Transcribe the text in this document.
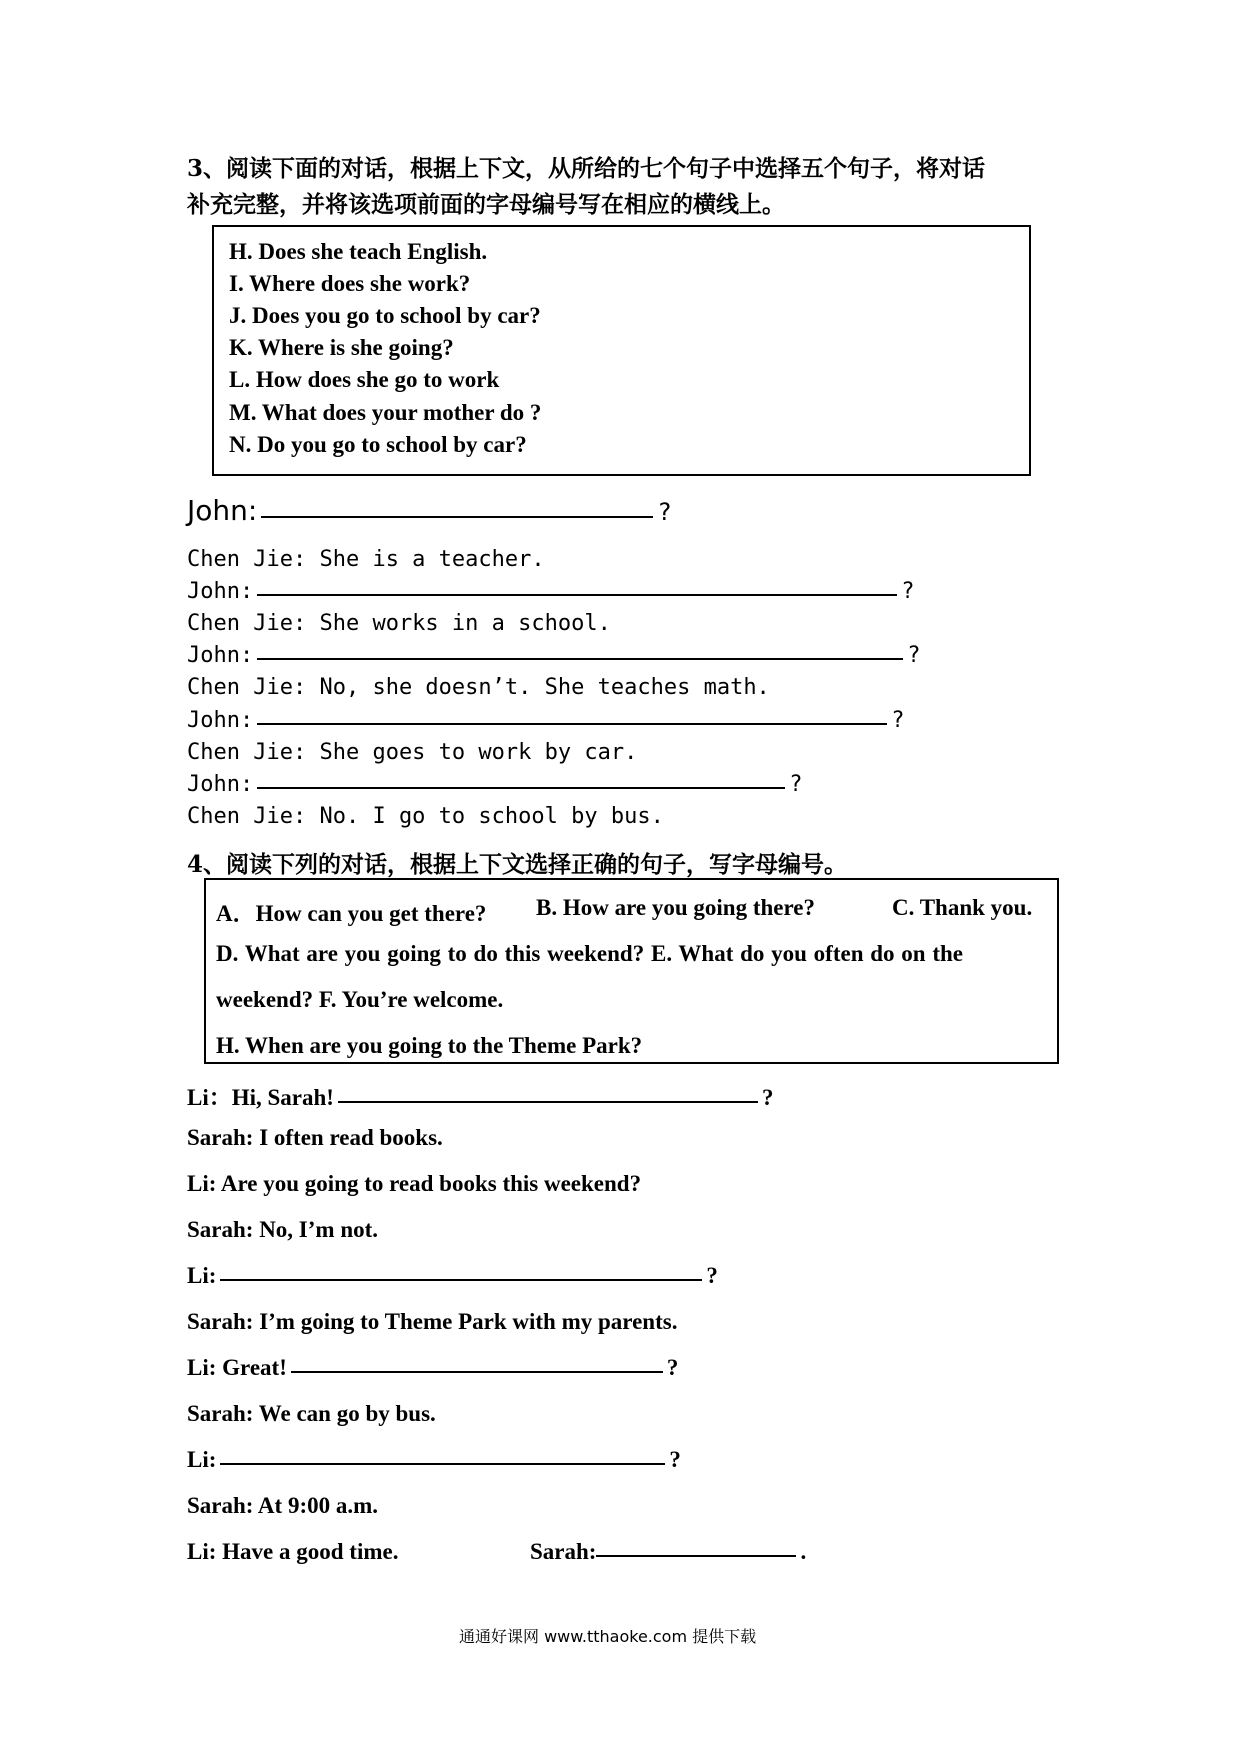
3、阅读下面的对话，根据上下文，从所给的七个句子中选择五个句子，将对话
补充完整，并将该选项前面的字母编号写在相应的横线上。
H. Does she teach English.
I. Where does she work?
J. Does you go to school by car?
K. Where is she going?
L. How does she go to work
M. What does your mother do ?
N. Do you go to school by car?
John:	?
Chen Jie: She is a teacher.
John:	?
Chen Jie: She works in a school.
John:	?
Chen Jie: No, she doesn’t. She teaches math.
John:	?
Chen Jie: She goes to work by car.
John:	?
Chen Jie: No. I go to school by bus.
4、阅读下列的对话，根据上下文选择正确的句子，写字母编号。
A．How can you get there? B. How are you going there?	C. Thank you.
D. What are you going to do this weekend? E. What do you often do on the
weekend? F. You’re welcome.
H. When are you going to the Theme Park?
Li：Hi, Sarah!	?
Sarah: I often read books.
Li: Are you going to read books this weekend?
Sarah: No, I’m not.
Li:	?
Sarah: I’m going to Theme Park with my parents.
Li: Great!	?
Sarah: We can go by bus.
Li:	?
Sarah: At 9:00 a.m.
Li: Have a good time.	Sarah:	.
通通好课网 www.tthaoke.com 提供下载
